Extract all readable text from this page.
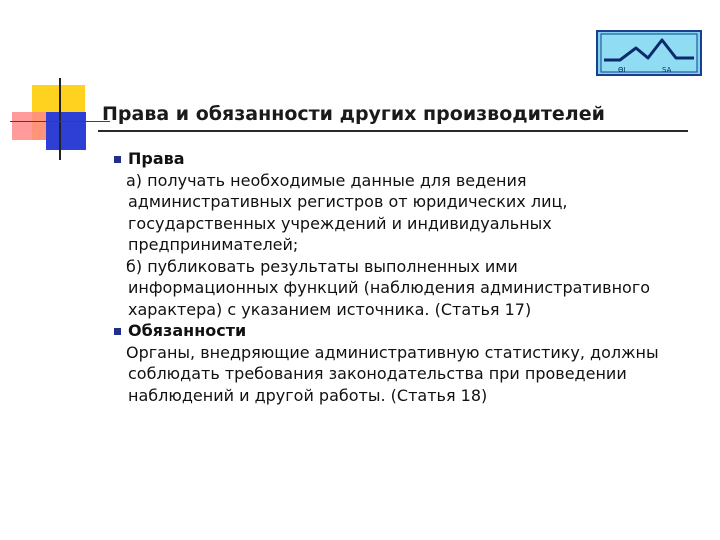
ΘI	SA
Права и обязанности других производителей
Права

а) получать необходимые данные для ведения
административных регистров от юридических лиц,
государственных учреждений и индивидуальных
предпринимателей;

б) публиковать результаты выполненных ими
информационных функций (наблюдения административного
характера) с указанием источника. (Статья 17)

Обязанности

Органы, внедряющие административную статистику, должны
соблюдать требования законодательства при проведении
наблюдений и другой работы. (Статья 18)
